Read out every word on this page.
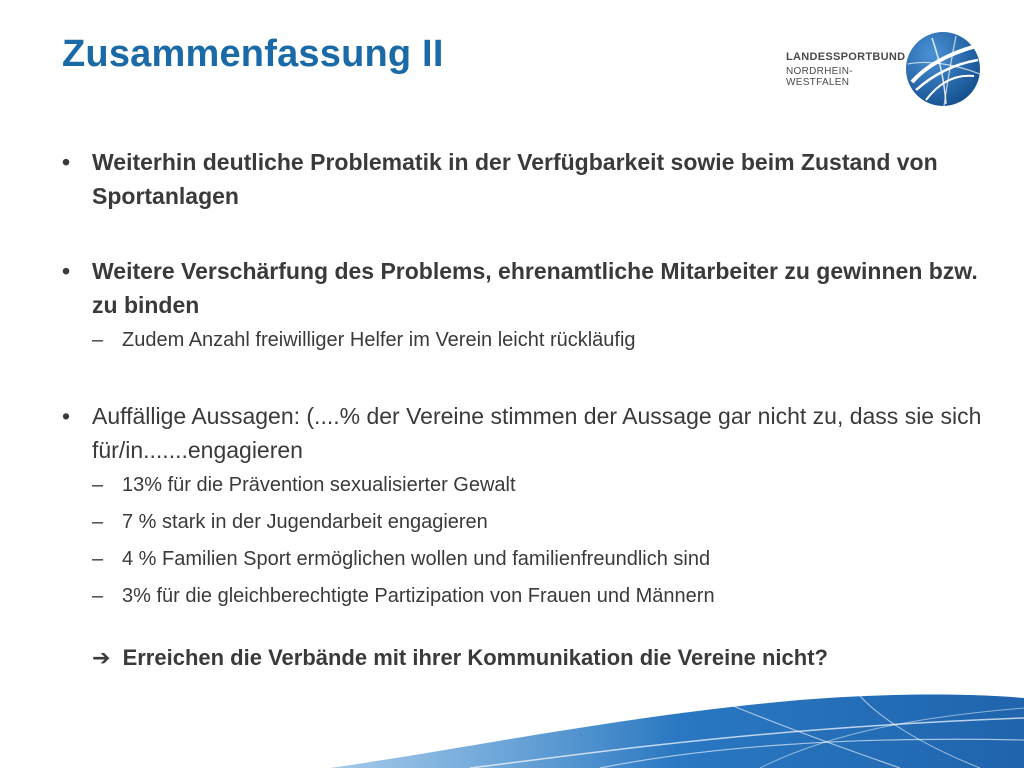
Zusammenfassung II	LANDESSPORTBUND
NORDRHEIN-WESTFALEN
• Weiterhin deutliche Problematik in der Verfügbarkeit sowie beim Zustand von Sportanlagen
• Weitere Verschärfung des Problems, ehrenamtliche Mitarbeiter zu gewinnen bzw. zu binden
– Zudem Anzahl freiwilliger Helfer im Verein leicht rückläufig
• Auffällige Aussagen: (....% der Vereine stimmen der Aussage gar nicht zu, dass sie sich für/in.......engagieren
– 13% für die Prävention sexualisierter Gewalt
– 7 % stark in der Jugendarbeit engagieren
– 4 % Familien Sport ermöglichen wollen und familienfreundlich sind
– 3% für die gleichberechtigte Partizipation von Frauen und Männern
➔ Erreichen die Verbände mit ihrer Kommunikation die Vereine nicht?
